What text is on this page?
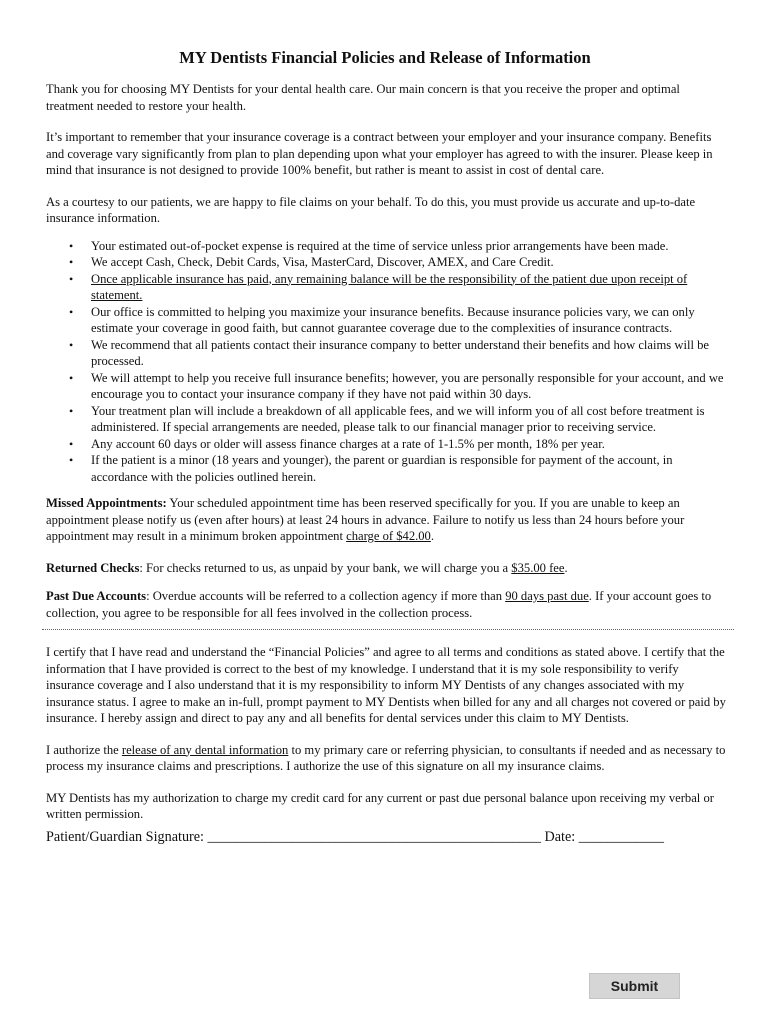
MY Dentists Financial Policies and Release of Information

Thank you for choosing MY Dentists for your dental health care. Our main concern is that you receive the proper and optimal treatment needed to restore your health.

It’s important to remember that your insurance coverage is a contract between your employer and your insurance company. Benefits and coverage vary significantly from plan to plan depending upon what your employer has agreed to with the insurer. Please keep in mind that insurance is not designed to provide 100% benefit, but rather is meant to assist in cost of dental care.

As a courtesy to our patients, we are happy to file claims on your behalf. To do this, you must provide us accurate and up-to-date insurance information.

• Your estimated out-of-pocket expense is required at the time of service unless prior arrangements have been made.
• We accept Cash, Check, Debit Cards, Visa, MasterCard, Discover, AMEX, and Care Credit.
• Once applicable insurance has paid, any remaining balance will be the responsibility of the patient due upon receipt of statement.
• Our office is committed to helping you maximize your insurance benefits. Because insurance policies vary, we can only estimate your coverage in good faith, but cannot guarantee coverage due to the complexities of insurance contracts.
• We recommend that all patients contact their insurance company to better understand their benefits and how claims will be processed.
• We will attempt to help you receive full insurance benefits; however, you are personally responsible for your account, and we encourage you to contact your insurance company if they have not paid within 30 days.
• Your treatment plan will include a breakdown of all applicable fees, and we will inform you of all cost before treatment is administered. If special arrangements are needed, please talk to our financial manager prior to receiving service.
• Any account 60 days or older will assess finance charges at a rate of 1-1.5% per month, 18% per year.
• If the patient is a minor (18 years and younger), the parent or guardian is responsible for payment of the account, in accordance with the policies outlined herein.

Missed Appointments: Your scheduled appointment time has been reserved specifically for you. If you are unable to keep an appointment please notify us (even after hours) at least 24 hours in advance. Failure to notify us less than 24 hours before your appointment may result in a minimum broken appointment charge of $42.00.

Returned Checks: For checks returned to us, as unpaid by your bank, we will charge you a $35.00 fee.

Past Due Accounts: Overdue accounts will be referred to a collection agency if more than 90 days past due. If your account goes to collection, you agree to be responsible for all fees involved in the collection process.

I certify that I have read and understand the “Financial Policies” and agree to all terms and conditions as stated above. I certify that the information that I have provided is correct to the best of my knowledge. I understand that it is my sole responsibility to verify insurance coverage and I also understand that it is my responsibility to inform MY Dentists of any changes associated with my insurance status. I agree to make an in-full, prompt payment to MY Dentists when billed for any and all charges not covered or paid by insurance. I hereby assign and direct to pay any and all benefits for dental services under this claim to MY Dentists.

I authorize the release of any dental information to my primary care or referring physician, to consultants if needed and as necessary to process my insurance claims and prescriptions. I authorize the use of this signature on all my insurance claims.

MY Dentists has my authorization to charge my credit card for any current or past due personal balance upon receiving my verbal or written permission.

Patient/Guardian Signature: _______________________________________________ Date: ____________
Submit
